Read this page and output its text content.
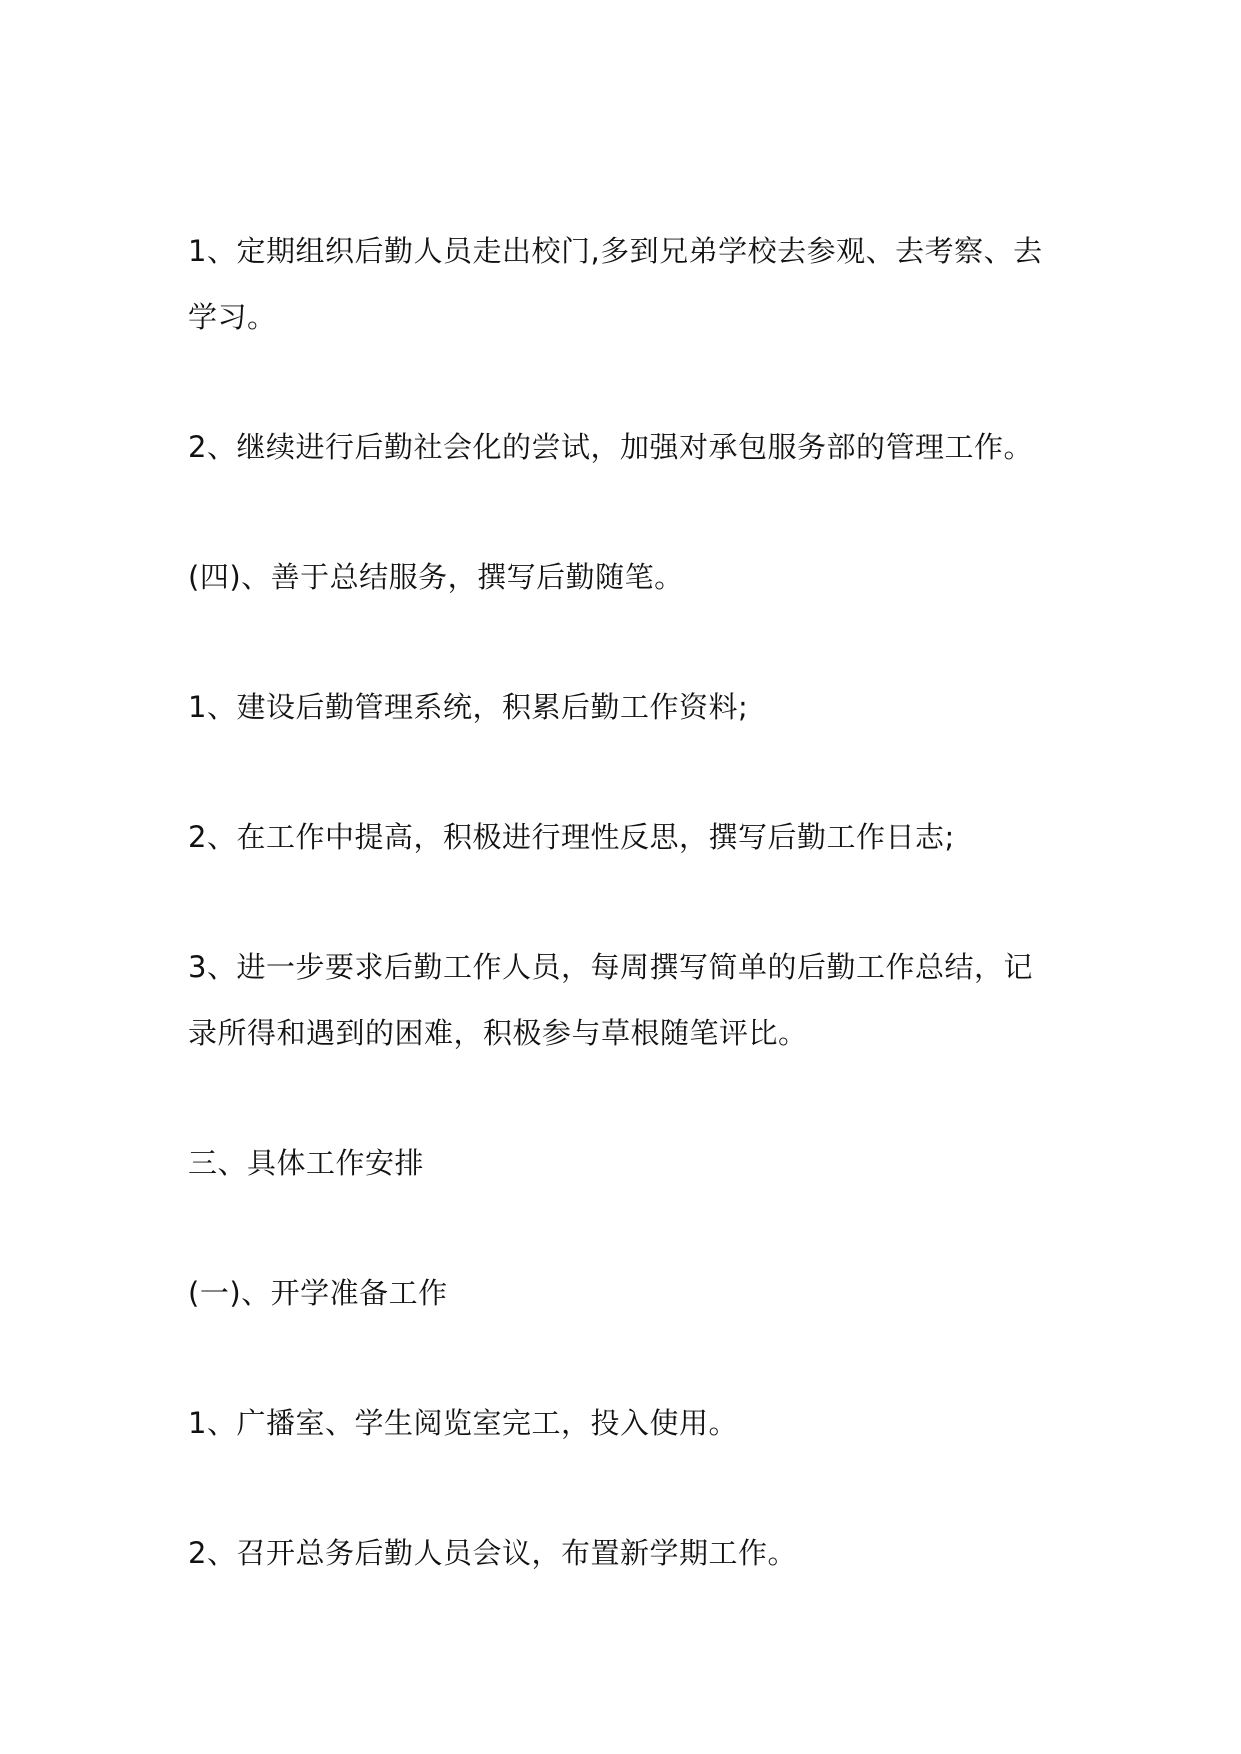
1、定期组织后勤人员走出校门,多到兄弟学校去参观、去考察、去学习。

2、继续进行后勤社会化的尝试，加强对承包服务部的管理工作。

(四)、善于总结服务，撰写后勤随笔。

1、建设后勤管理系统，积累后勤工作资料;

2、在工作中提高，积极进行理性反思，撰写后勤工作日志;

3、进一步要求后勤工作人员，每周撰写简单的后勤工作总结，记录所得和遇到的困难，积极参与草根随笔评比。

三、具体工作安排

(一)、开学准备工作

1、广播室、学生阅览室完工，投入使用。

2、召开总务后勤人员会议，布置新学期工作。
